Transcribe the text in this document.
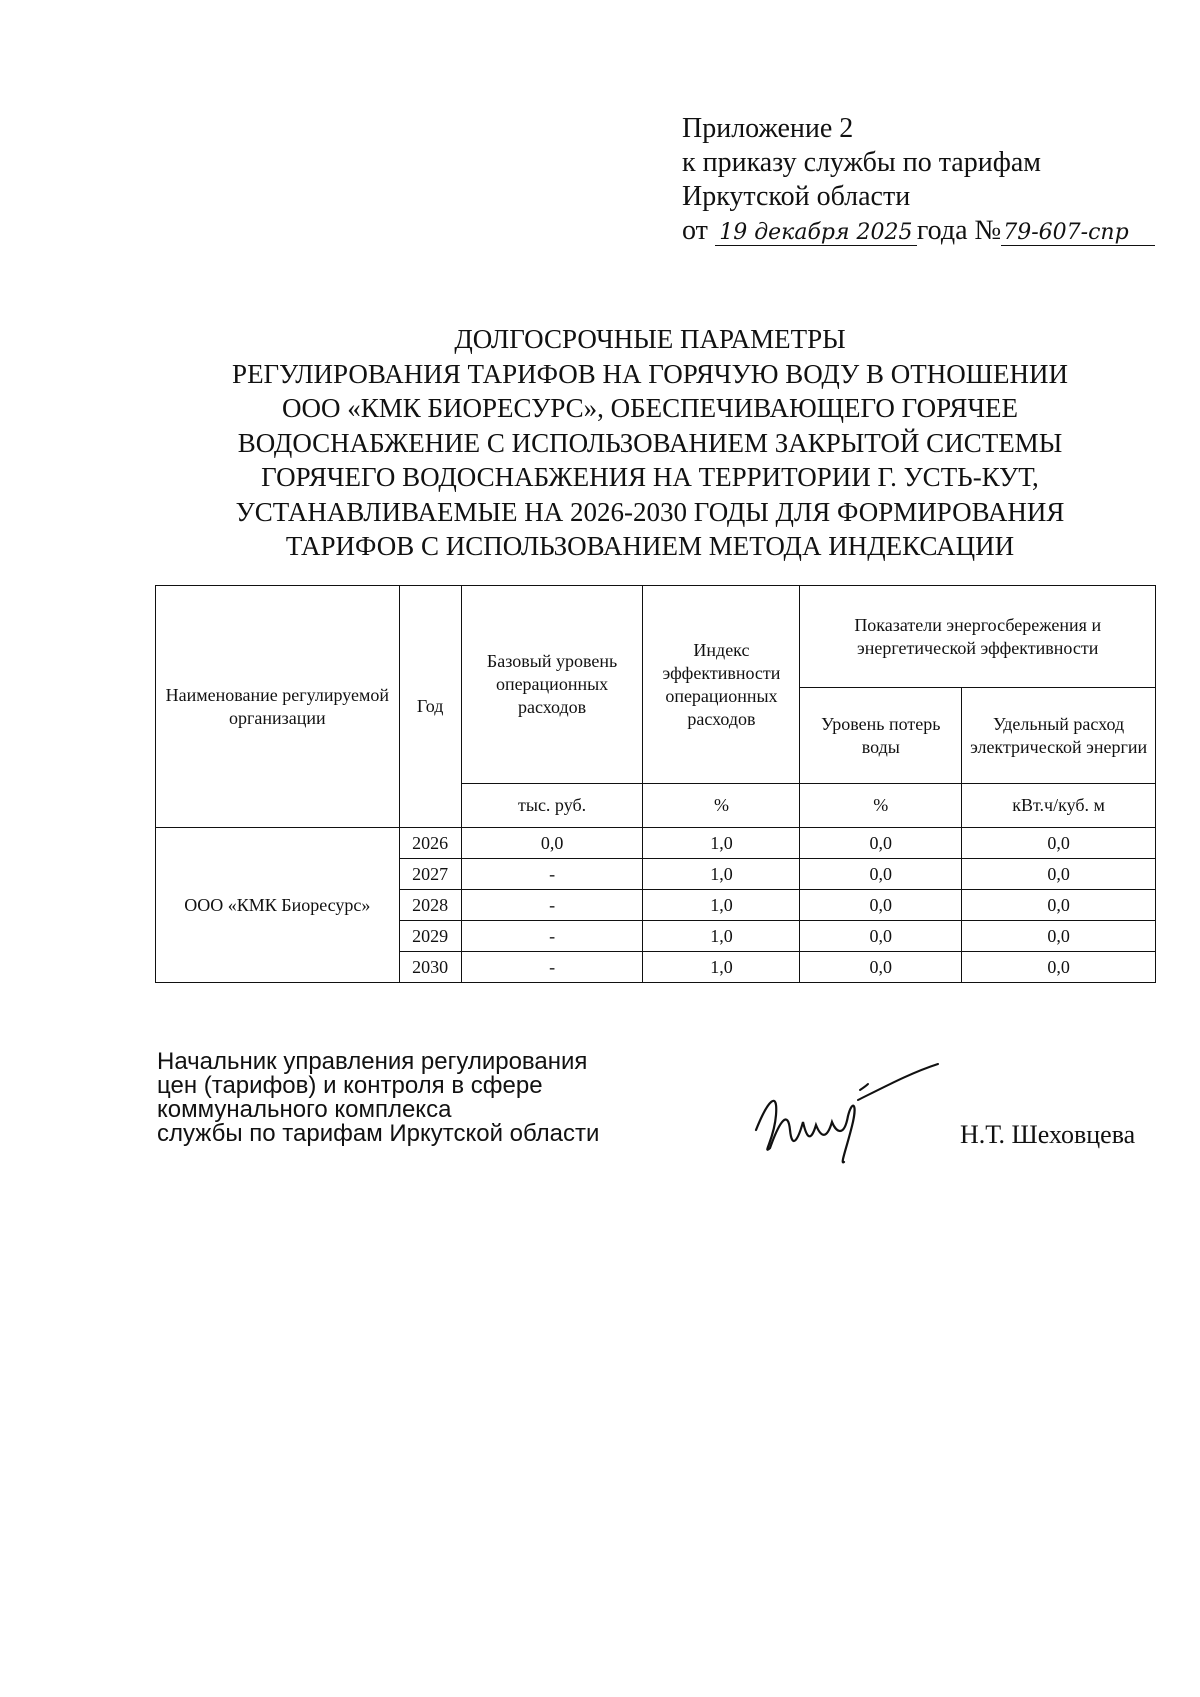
Приложение 2
к приказу службы по тарифам
Иркутской области
от 19 декабря 2025 года №79-607-спр
ДОЛГОСРОЧНЫЕ ПАРАМЕТРЫ
РЕГУЛИРОВАНИЯ ТАРИФОВ НА ГОРЯЧУЮ ВОДУ В ОТНОШЕНИИ
ООО «КМК БИОРЕСУРС», ОБЕСПЕЧИВАЮЩЕГО ГОРЯЧЕЕ
ВОДОСНАБЖЕНИЕ С ИСПОЛЬЗОВАНИЕМ ЗАКРЫТОЙ СИСТЕМЫ
ГОРЯЧЕГО ВОДОСНАБЖЕНИЯ НА ТЕРРИТОРИИ Г. УСТЬ-КУТ,
УСТАНАВЛИВАЕМЫЕ НА 2026-2030 ГОДЫ ДЛЯ ФОРМИРОВАНИЯ
ТАРИФОВ С ИСПОЛЬЗОВАНИЕМ МЕТОДА ИНДЕКСАЦИИ
Наименование регулируемой организации	Год	Базовый уровень операционных расходов	Индекс эффективности операционных расходов	Показатели энергосбережения и энергетической эффективности	
				Уровень потерь воды	Удельный расход электрической энергии
		тыс. руб.	%	%	кВт.ч/куб. м
ООО «КМК Биоресурс»	2026	0,0	1,0	0,0	0,0
	2027	-	1,0	0,0	0,0
	2028	-	1,0	0,0	0,0
	2029	-	1,0	0,0	0,0
	2030	-	1,0	0,0	0,0
Начальник управления регулирования
цен (тарифов) и контроля в сфере
коммунального комплекса
службы по тарифам Иркутской области	Н.Т. Шеховцева
